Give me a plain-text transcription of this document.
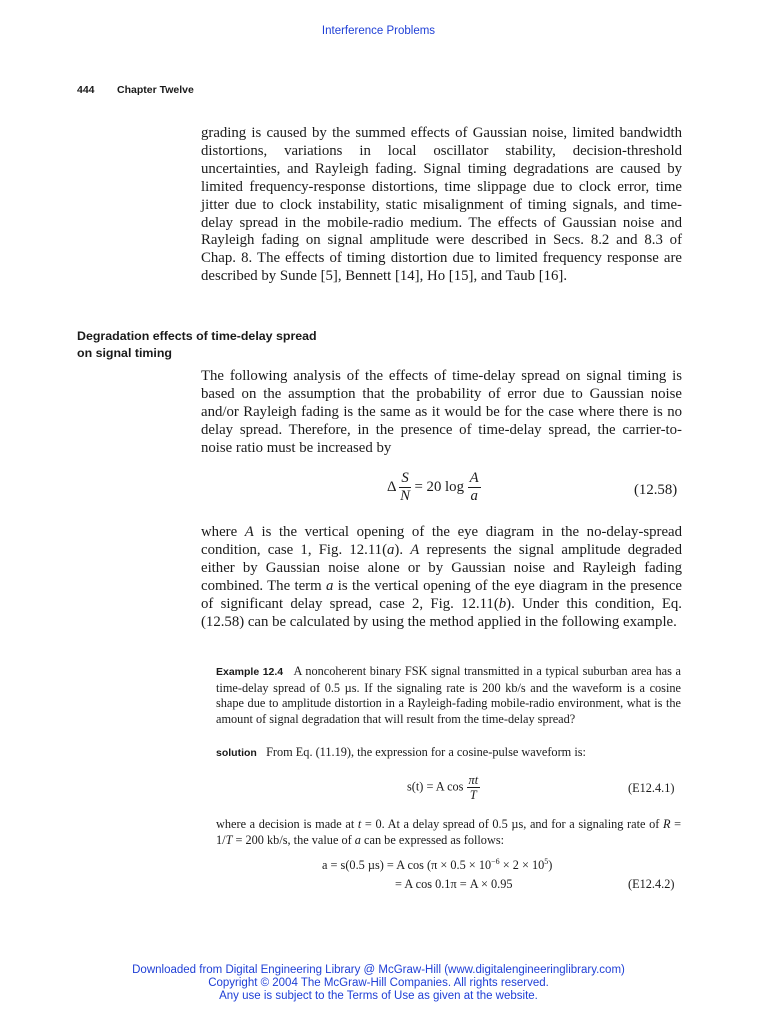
Interference Problems
444 Chapter Twelve

grading is caused by the summed effects of Gaussian noise, limited bandwidth distortions, variations in local oscillator stability, decision-threshold uncertainties, and Rayleigh fading. Signal timing degradations are caused by limited frequency-response distortions, time slippage due to clock error, time jitter due to clock instability, static misalignment of timing signals, and time-delay spread in the mobile-radio medium. The effects of Gaussian noise and Rayleigh fading on signal amplitude were described in Secs. 8.2 and 8.3 of Chap. 8. The effects of timing distortion due to limited frequency response are described by Sunde [5], Bennett [14], Ho [15], and Taub [16].

Degradation effects of time-delay spread
on signal timing

The following analysis of the effects of time-delay spread on signal timing is based on the assumption that the probability of error due to Gaussian noise and/or Rayleigh fading is the same as it would be for the case where there is no delay spread. Therefore, in the presence of time-delay spread, the carrier-to-noise ratio must be increased by

Δ $\frac{S}{N} = 20$ $\log \frac{A}{a}$	(12.58)

where A is the vertical opening of the eye diagram in the no-delay-spread condition, case 1, Fig. 12.11(a). A represents the signal amplitude degraded either by Gaussian noise alone or by Gaussian noise and Rayleigh fading combined. The term a is the vertical opening of the eye diagram in the presence of significant delay spread, case 2, Fig. 12.11(b). Under this condition, Eq. (12.58) can be calculated by using the method applied in the following example.

Example 12.4 A noncoherent binary FSK signal transmitted in a typical suburban area has a time-delay spread of 0.5 µs. If the signaling rate is 200 kb/s and the waveform is a cosine shape due to amplitude distortion in a Rayleigh-fading mobile-radio environment, what is the amount of signal degradation that will result from the time-delay spread?

solution From Eq. (11.19), the expression for a cosine-pulse waveform is:

s(t) = A $\cos \frac{\pi t}{T}$	(E12.4.1)

where a decision is made at t = 0. At a delay spread of 0.5 µs, and for a signaling rate of R = 1/T = 200 kb/s, the value of a can be expressed as follows:

a = s(0.5 µs) = A $\cos (\pi \times 0.5 \times 10^{-6} \times 2 \times 10^5)$
= A cos 0.1π = A × 0.95	(E12.4.2)
Downloaded from Digital Engineering Library @ McGraw-Hill (www.digitalengineeringlibrary.com)
Copyright © 2004 The McGraw-Hill Companies. All rights reserved.
Any use is subject to the Terms of Use as given at the website.
